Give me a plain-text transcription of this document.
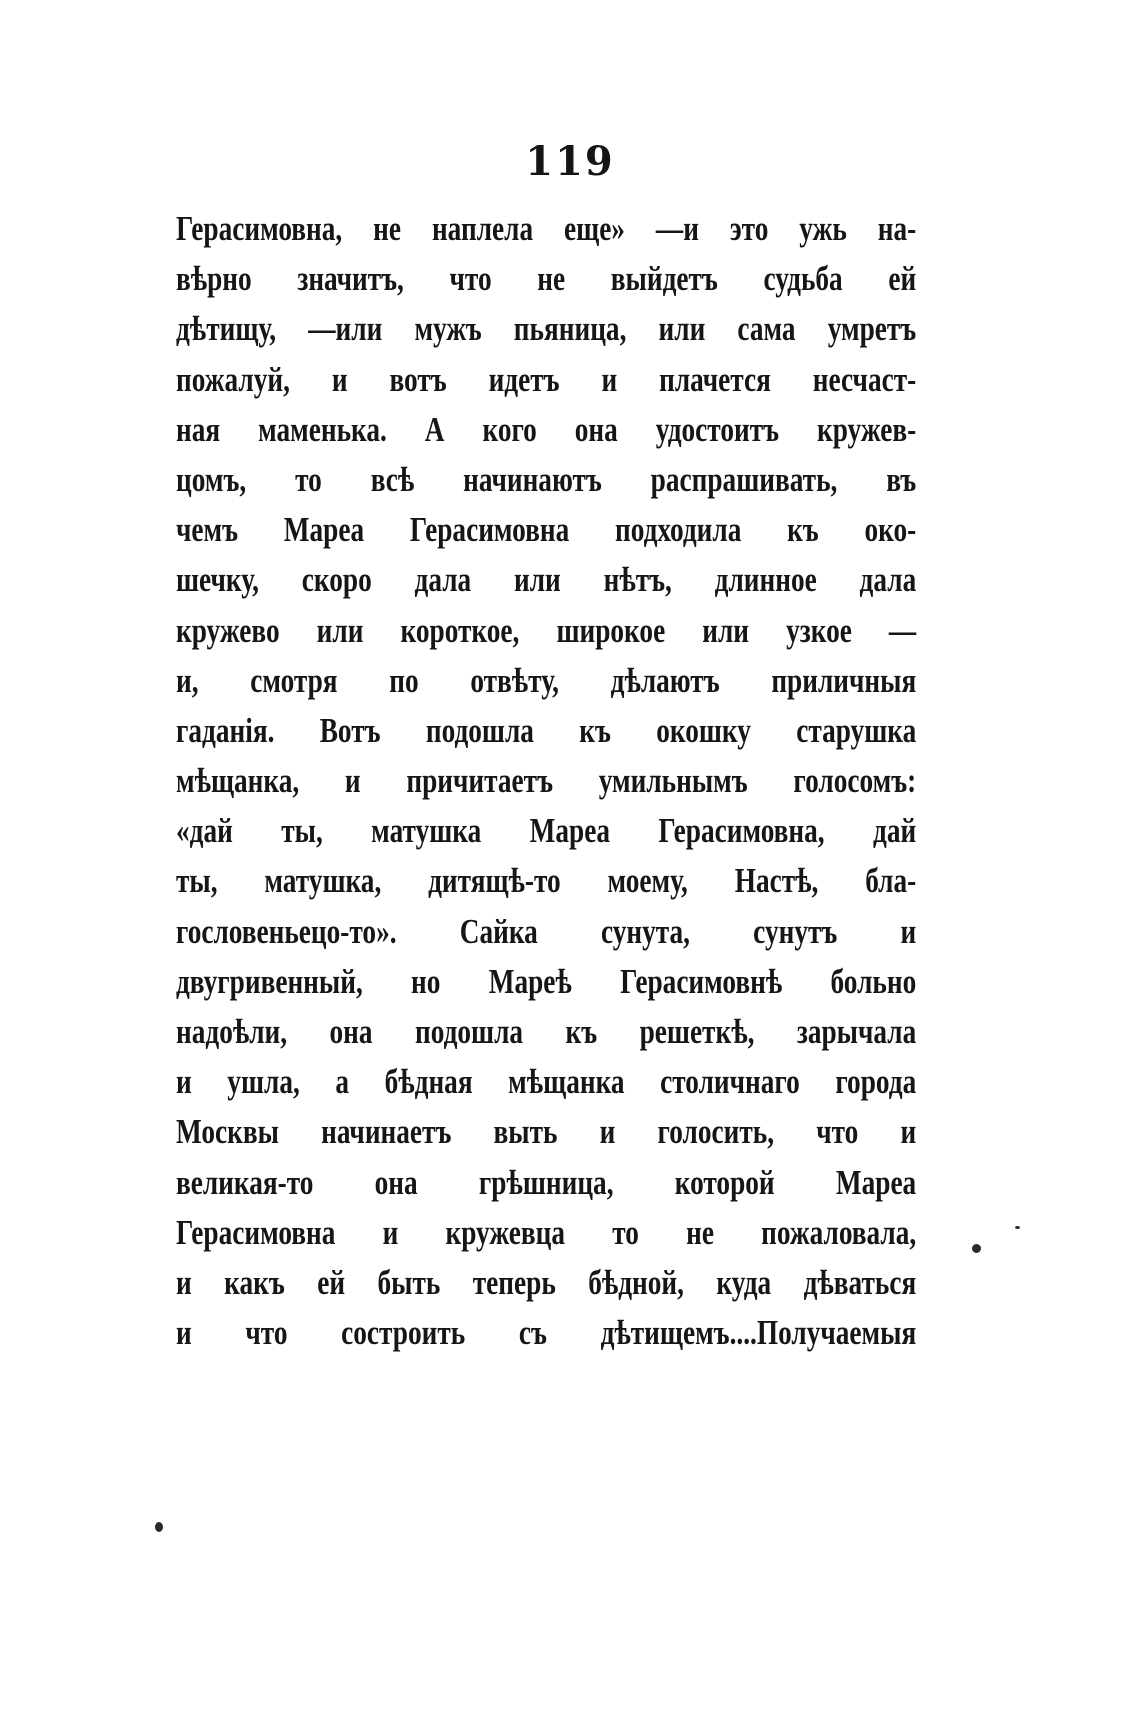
119
Герасимовна, не наплела еще» —и это ужь на-
вѣрно значитъ, что не выйдетъ судьба ей
дѣтищу, —или мужъ пьяница, или сама умретъ
пожалуй, и вотъ идетъ и плачется несчаст-
ная маменька. А кого она удостоитъ кружев-
цомъ, то всѣ начинаютъ распрашивать, въ
чемъ Мареа Герасимовна подходила къ око-
шечку, скоро дала или нѣтъ, длинное дала
кружево или короткое, широкое или узкое —
и, смотря по отвѣту, дѣлаютъ приличныя
гаданія. Вотъ подошла къ окошку старушка
мѣщанка, и причитаетъ умильнымъ голосомъ:
«дай ты, матушка Мареа Герасимовна, дай
ты, матушка, дитящѣ-то моему, Настѣ, бла-
гословеньецо-то». Сайка сунута, сунутъ и
двугривенный, но Мареѣ Герасимовнѣ больно
надоѣли, она подошла къ решеткѣ, зарычала
и ушла, а бѣдная мѣщанка столичнаго города
Москвы начинаетъ выть и голосить, что и
великая-то она грѣшница, которой Мареа
Герасимовна и кружевца то не пожаловала,
и какъ ей быть теперь бѣдной, куда дѣваться
и что состроить съ дѣтищемъ....Получаемыя
